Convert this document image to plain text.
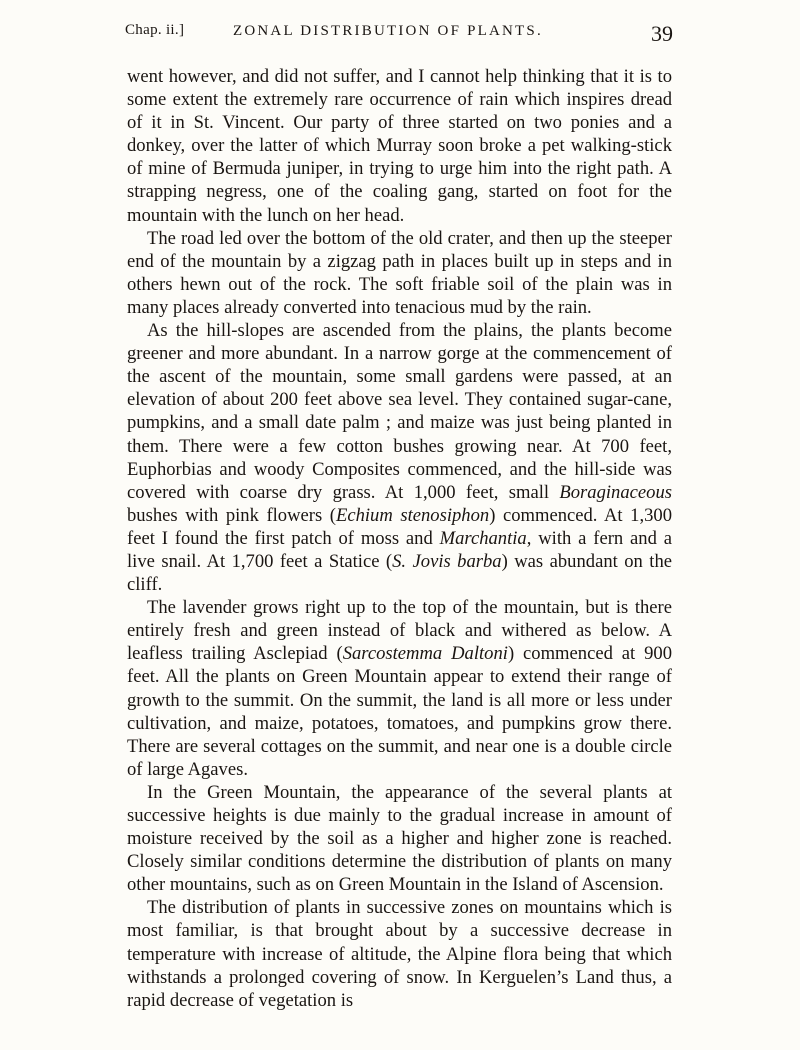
Chap. ii.]	ZONAL DISTRIBUTION OF PLANTS.	39

went however, and did not suffer, and I cannot help thinking that it is to some extent the extremely rare occurrence of rain which inspires dread of it in St. Vincent. Our party of three started on two ponies and a donkey, over the latter of which Murray soon broke a pet walking-stick of mine of Bermuda juniper, in trying to urge him into the right path. A strapping negress, one of the coaling gang, started on foot for the mountain with the lunch on her head.

The road led over the bottom of the old crater, and then up the steeper end of the mountain by a zigzag path in places built up in steps and in others hewn out of the rock. The soft friable soil of the plain was in many places already converted into tenacious mud by the rain.

As the hill-slopes are ascended from the plains, the plants become greener and more abundant. In a narrow gorge at the commencement of the ascent of the mountain, some small gardens were passed, at an elevation of about 200 feet above sea level. They contained sugar-cane, pumpkins, and a small date palm ; and maize was just being planted in them. There were a few cotton bushes growing near. At 700 feet, Euphorbias and woody Composites commenced, and the hill-side was covered with coarse dry grass. At 1,000 feet, small Boraginaceous bushes with pink flowers (Echium stenosiphon) commenced. At 1,300 feet I found the first patch of moss and Marchantia, with a fern and a live snail. At 1,700 feet a Statice (S. Jovis barba) was abundant on the cliff.

The lavender grows right up to the top of the mountain, but is there entirely fresh and green instead of black and withered as below. A leafless trailing Asclepiad (Sarcostemma Daltoni) commenced at 900 feet. All the plants on Green Mountain appear to extend their range of growth to the summit. On the summit, the land is all more or less under cultivation, and maize, potatoes, tomatoes, and pumpkins grow there. There are several cottages on the summit, and near one is a double circle of large Agaves.

In the Green Mountain, the appearance of the several plants at successive heights is due mainly to the gradual increase in amount of moisture received by the soil as a higher and higher zone is reached. Closely similar conditions determine the distribution of plants on many other mountains, such as on Green Mountain in the Island of Ascension.

The distribution of plants in successive zones on mountains which is most familiar, is that brought about by a successive decrease in temperature with increase of altitude, the Alpine flora being that which withstands a prolonged covering of snow. In Kerguelen’s Land thus, a rapid decrease of vegetation is
